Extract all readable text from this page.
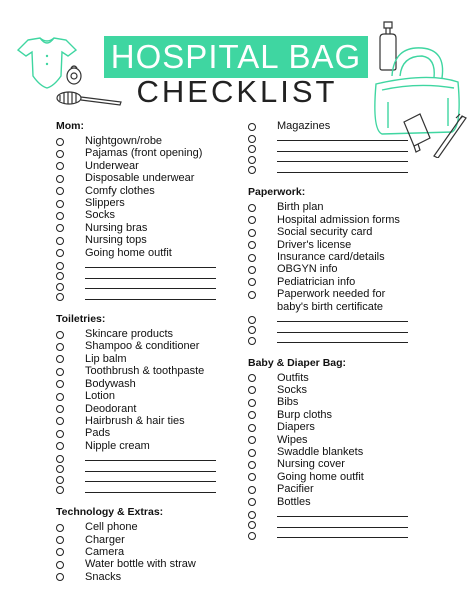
HOSPITAL BAG
CHECKLIST
Mom:
Nightgown/robe
Pajamas (front opening)
Underwear
Disposable underwear
Comfy clothes
Slippers
Socks
Nursing bras
Nursing tops
Going home outfit
Toiletries:
Skincare products
Shampoo & conditioner
Lip balm
Toothbrush & toothpaste
Bodywash
Lotion
Deodorant
Hairbrush & hair ties
Pads
Nipple cream
Technology & Extras:
Cell phone
Charger
Camera
Water bottle with straw
Snacks
Magazines
Paperwork:
Birth plan
Hospital admission forms
Social security card
Driver's license
Insurance card/details
OBGYN info
Pediatrician info
Paperwork needed for
baby's birth certificate
Baby & Diaper Bag:
Outfits
Socks
Bibs
Burp cloths
Diapers
Wipes
Swaddle blankets
Nursing cover
Going home outfit
Pacifier
Bottles
